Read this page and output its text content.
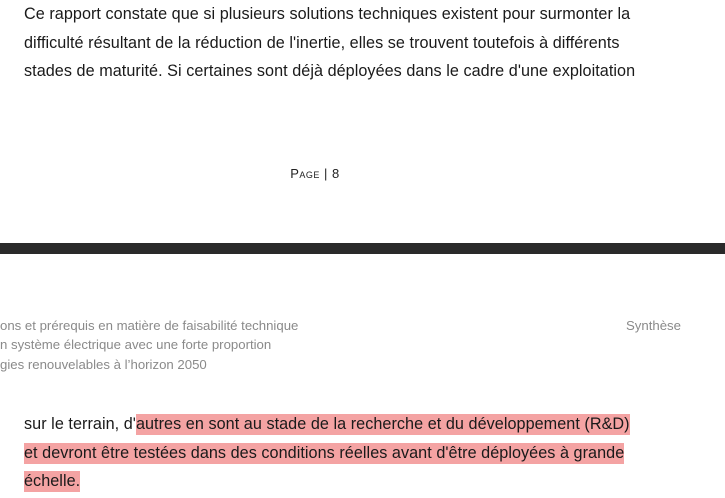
Ce rapport constate que si plusieurs solutions techniques existent pour surmonter la
difficulté résultant de la réduction de l'inertie, elles se trouvent toutefois à différents
stades de maturité. Si certaines sont déjà déployées dans le cadre d'une exploitation
Page | 8
ons et prérequis en matière de faisabilité technique
n système électrique avec une forte proportion
gies renouvelables à l’horizon 2050
Synthèse
sur le terrain, d'autres en sont au stade de la recherche et du développement (R&D)
et devront être testées dans des conditions réelles avant d'être déployées à grande
échelle.
